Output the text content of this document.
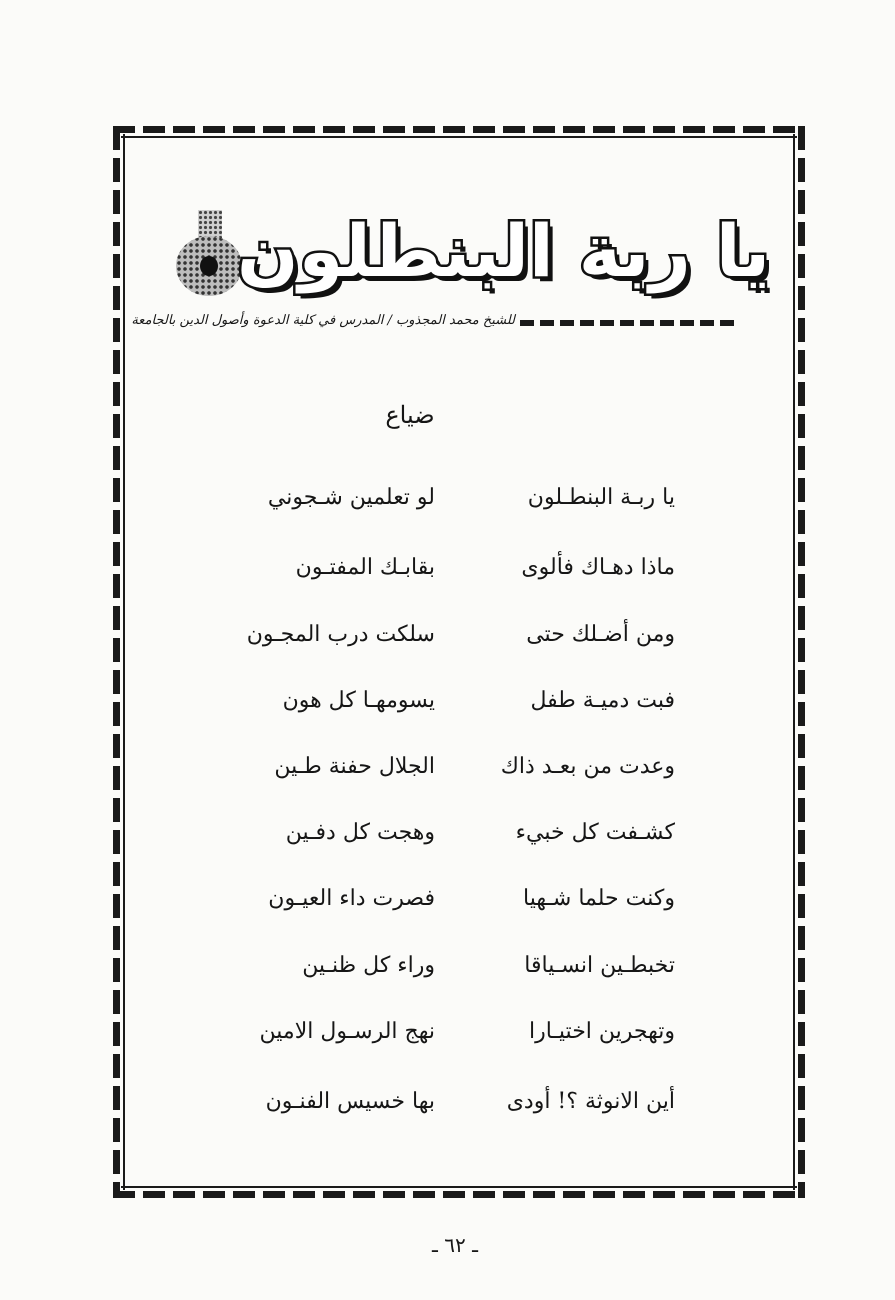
يا ربة البنطلون
للشيخ محمد المجذوب / المدرس في كلية الدعوة وأصول الدين بالجامعة
ضياع
يا ربـة البنطـلون
لو تعلمين شـجوني
ماذا دهـاك فألوى
بقابـك المفتـون
ومن أضـلك حتى
سلكت درب المجـون
فبت دميـة طفل
يسومهـا كل هون
وعدت من بعـد ذاك
الجلال حفنة طـين
كشـفت كل خبيء
وهجت كل دفـين
وكنت حلما شـهيا
فصرت داء العيـون
تخبطـين انسـياقا
وراء كل ظنـين
وتهجرين اختيـارا
نهج الرسـول الامين
أين الانوثة ؟! أودى
بها خسيس الفنـون
ـ ٦٢ ـ
